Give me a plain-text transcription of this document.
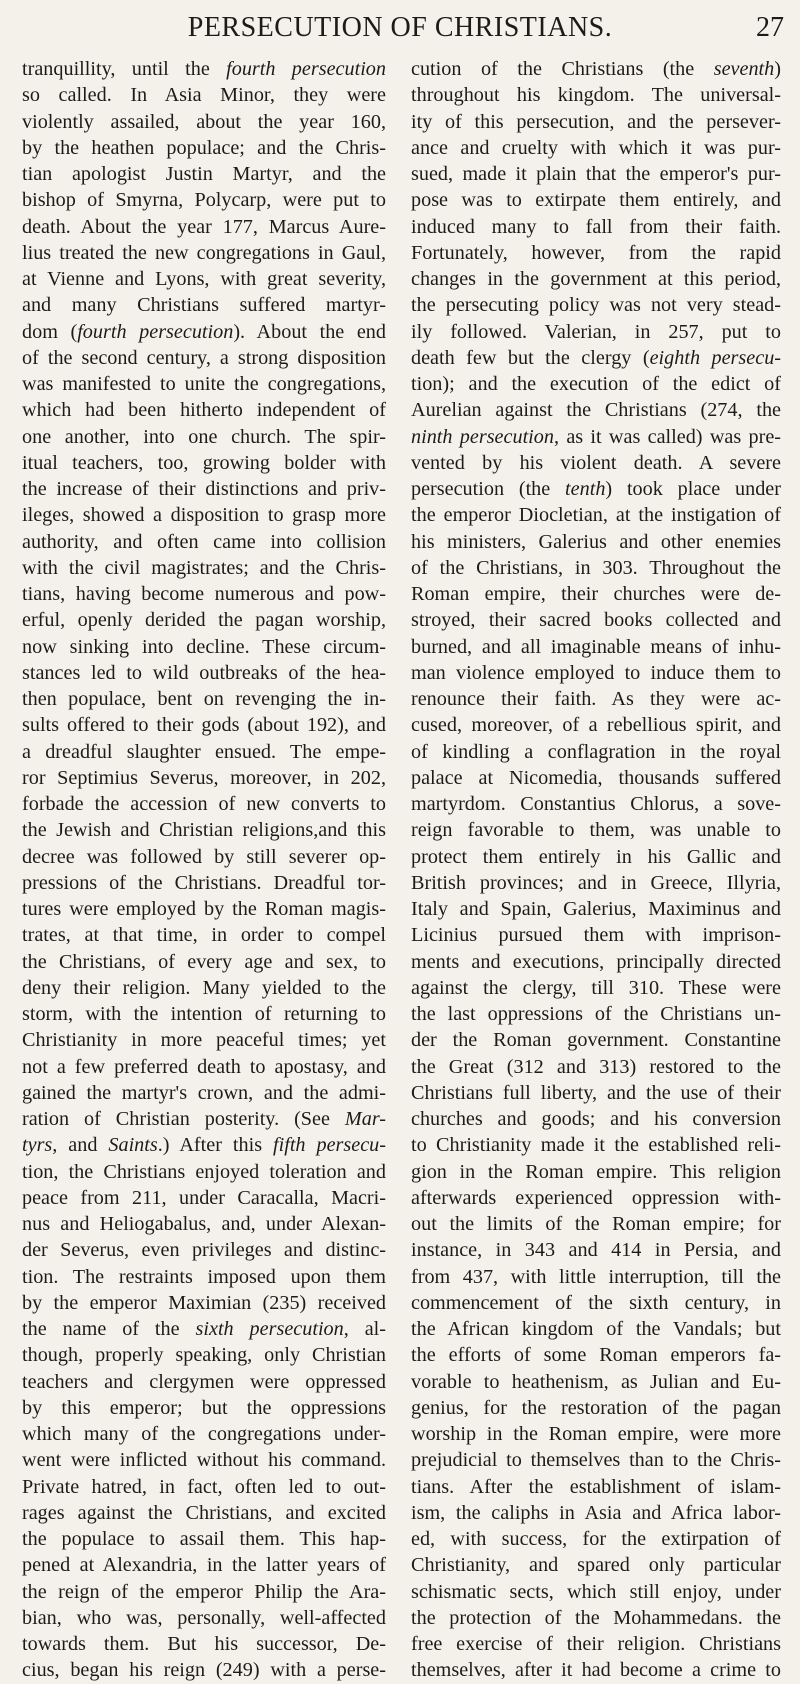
PERSECUTION OF CHRISTIANS.	27
tranquillity, until the fourth persecution
so called. In Asia Minor, they were
violently assailed, about the year 160,
by the heathen populace; and the Chris-
tian apologist Justin Martyr, and the
bishop of Smyrna, Polycarp, were put to
death. About the year 177, Marcus Aure-
lius treated the new congregations in Gaul,
at Vienne and Lyons, with great severity,
and many Christians suffered martyr-
dom (fourth persecution). About the end
of the second century, a strong disposition
was manifested to unite the congregations,
which had been hitherto independent of
one another, into one church. The spir-
itual teachers, too, growing bolder with
the increase of their distinctions and priv-
ileges, showed a disposition to grasp more
authority, and often came into collision
with the civil magistrates; and the Chris-
tians, having become numerous and pow-
erful, openly derided the pagan worship,
now sinking into decline. These circum-
stances led to wild outbreaks of the hea-
then populace, bent on revenging the in-
sults offered to their gods (about 192), and
a dreadful slaughter ensued. The empe-
ror Septimius Severus, moreover, in 202,
forbade the accession of new converts to
the Jewish and Christian religions,and this
decree was followed by still severer op-
pressions of the Christians. Dreadful tor-
tures were employed by the Roman magis-
trates, at that time, in order to compel
the Christians, of every age and sex, to
deny their religion. Many yielded to the
storm, with the intention of returning to
Christianity in more peaceful times; yet
not a few preferred death to apostasy, and
gained the martyr's crown, and the admi-
ration of Christian posterity. (See Mar-
tyrs, and Saints.) After this fifth persecu-
tion, the Christians enjoyed toleration and
peace from 211, under Caracalla, Macri-
nus and Heliogabalus, and, under Alexan-
der Severus, even privileges and distinc-
tion. The restraints imposed upon them
by the emperor Maximian (235) received
the name of the sixth persecution, al-
though, properly speaking, only Christian
teachers and clergymen were oppressed
by this emperor; but the oppressions
which many of the congregations under-
went were inflicted without his command.
Private hatred, in fact, often led to out-
rages against the Christians, and excited
the populace to assail them. This hap-
pened at Alexandria, in the latter years of
the reign of the emperor Philip the Ara-
bian, who was, personally, well-affected
towards them. But his successor, De-
cius, began his reign (249) with a perse-
cution of the Christians (the seventh)
throughout his kingdom. The universal-
ity of this persecution, and the persever-
ance and cruelty with which it was pur-
sued, made it plain that the emperor's pur-
pose was to extirpate them entirely, and
induced many to fall from their faith.
Fortunately, however, from the rapid
changes in the government at this period,
the persecuting policy was not very stead-
ily followed. Valerian, in 257, put to
death few but the clergy (eighth persecu-
tion); and the execution of the edict of
Aurelian against the Christians (274, the
ninth persecution, as it was called) was pre-
vented by his violent death. A severe
persecution (the tenth) took place under
the emperor Diocletian, at the instigation of
his ministers, Galerius and other enemies
of the Christians, in 303. Throughout the
Roman empire, their churches were de-
stroyed, their sacred books collected and
burned, and all imaginable means of inhu-
man violence employed to induce them to
renounce their faith. As they were ac-
cused, moreover, of a rebellious spirit, and
of kindling a conflagration in the royal
palace at Nicomedia, thousands suffered
martyrdom. Constantius Chlorus, a sove-
reign favorable to them, was unable to
protect them entirely in his Gallic and
British provinces; and in Greece, Illyria,
Italy and Spain, Galerius, Maximinus and
Licinius pursued them with imprison-
ments and executions, principally directed
against the clergy, till 310. These were
the last oppressions of the Christians un-
der the Roman government. Constantine
the Great (312 and 313) restored to the
Christians full liberty, and the use of their
churches and goods; and his conversion
to Christianity made it the established reli-
gion in the Roman empire. This religion
afterwards experienced oppression with-
out the limits of the Roman empire; for
instance, in 343 and 414 in Persia, and
from 437, with little interruption, till the
commencement of the sixth century, in
the African kingdom of the Vandals; but
the efforts of some Roman emperors fa-
vorable to heathenism, as Julian and Eu-
genius, for the restoration of the pagan
worship in the Roman empire, were more
prejudicial to themselves than to the Chris-
tians. After the establishment of islam-
ism, the caliphs in Asia and Africa labor-
ed, with success, for the extirpation of
Christianity, and spared only particular
schismatic sects, which still enjoy, under
the protection of the Mohammedans. the
free exercise of their religion. Christians
themselves, after it had become a crime to
